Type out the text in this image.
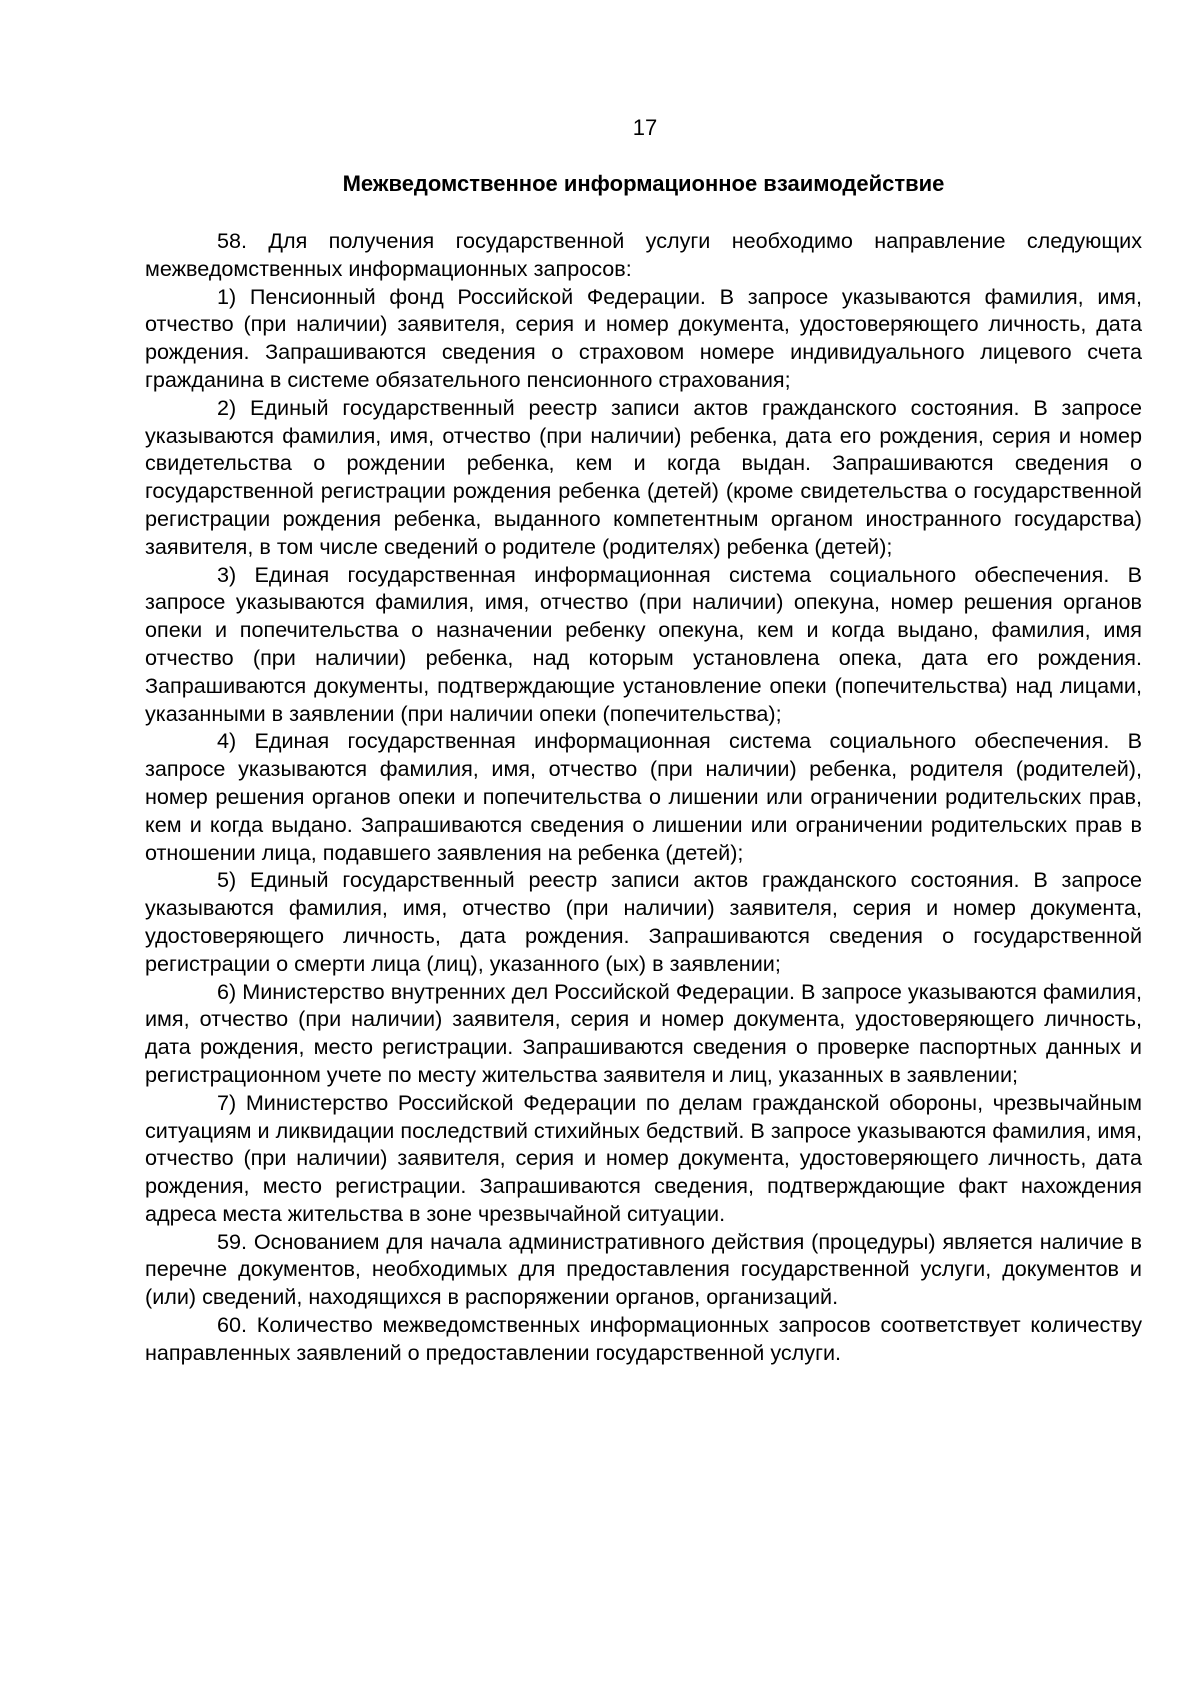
17
Межведомственное информационное взаимодействие

58. Для получения государственной услуги необходимо направление следующих межведомственных информационных запросов:

1) Пенсионный фонд Российской Федерации. В запросе указываются фамилия, имя, отчество (при наличии) заявителя, серия и номер документа, удостоверяющего личность, дата рождения. Запрашиваются сведения о страховом номере индивидуального лицевого счета гражданина в системе обязательного пенсионного страхования;

2) Единый государственный реестр записи актов гражданского состояния. В запросе указываются фамилия, имя, отчество (при наличии) ребенка, дата его рождения, серия и номер свидетельства о рождении ребенка, кем и когда выдан. Запрашиваются сведения о государственной регистрации рождения ребенка (детей) (кроме свидетельства о государственной регистрации рождения ребенка, выданного компетентным органом иностранного государства) заявителя, в том числе сведений о родителе (родителях) ребенка (детей);

3) Единая государственная информационная система социального обеспечения. В запросе указываются фамилия, имя, отчество (при наличии) опекуна, номер решения органов опеки и попечительства о назначении ребенку опекуна, кем и когда выдано, фамилия, имя отчество (при наличии) ребенка, над которым установлена опека, дата его рождения. Запрашиваются документы, подтверждающие установление опеки (попечительства) над лицами, указанными в заявлении (при наличии опеки (попечительства);

4) Единая государственная информационная система социального обеспечения. В запросе указываются фамилия, имя, отчество (при наличии) ребенка, родителя (родителей), номер решения органов опеки и попечительства о лишении или ограничении родительских прав, кем и когда выдано. Запрашиваются сведения о лишении или ограничении родительских прав в отношении лица, подавшего заявления на ребенка (детей);

5) Единый государственный реестр записи актов гражданского состояния. В запросе указываются фамилия, имя, отчество (при наличии) заявителя, серия и номер документа, удостоверяющего личность, дата рождения. Запрашиваются сведения о государственной регистрации о смерти лица (лиц), указанного (ых) в заявлении;

6) Министерство внутренних дел Российской Федерации. В запросе указываются фамилия, имя, отчество (при наличии) заявителя, серия и номер документа, удостоверяющего личность, дата рождения, место регистрации. Запрашиваются сведения о проверке паспортных данных и регистрационном учете по месту жительства заявителя и лиц, указанных в заявлении;

7) Министерство Российской Федерации по делам гражданской обороны, чрезвычайным ситуациям и ликвидации последствий стихийных бедствий. В запросе указываются фамилия, имя, отчество (при наличии) заявителя, серия и номер документа, удостоверяющего личность, дата рождения, место регистрации. Запрашиваются сведения, подтверждающие факт нахождения адреса места жительства в зоне чрезвычайной ситуации.

59. Основанием для начала административного действия (процедуры) является наличие в перечне документов, необходимых для предоставления государственной услуги, документов и (или) сведений, находящихся в распоряжении органов, организаций.

60. Количество межведомственных информационных запросов соответствует количеству направленных заявлений о предоставлении государственной услуги.
